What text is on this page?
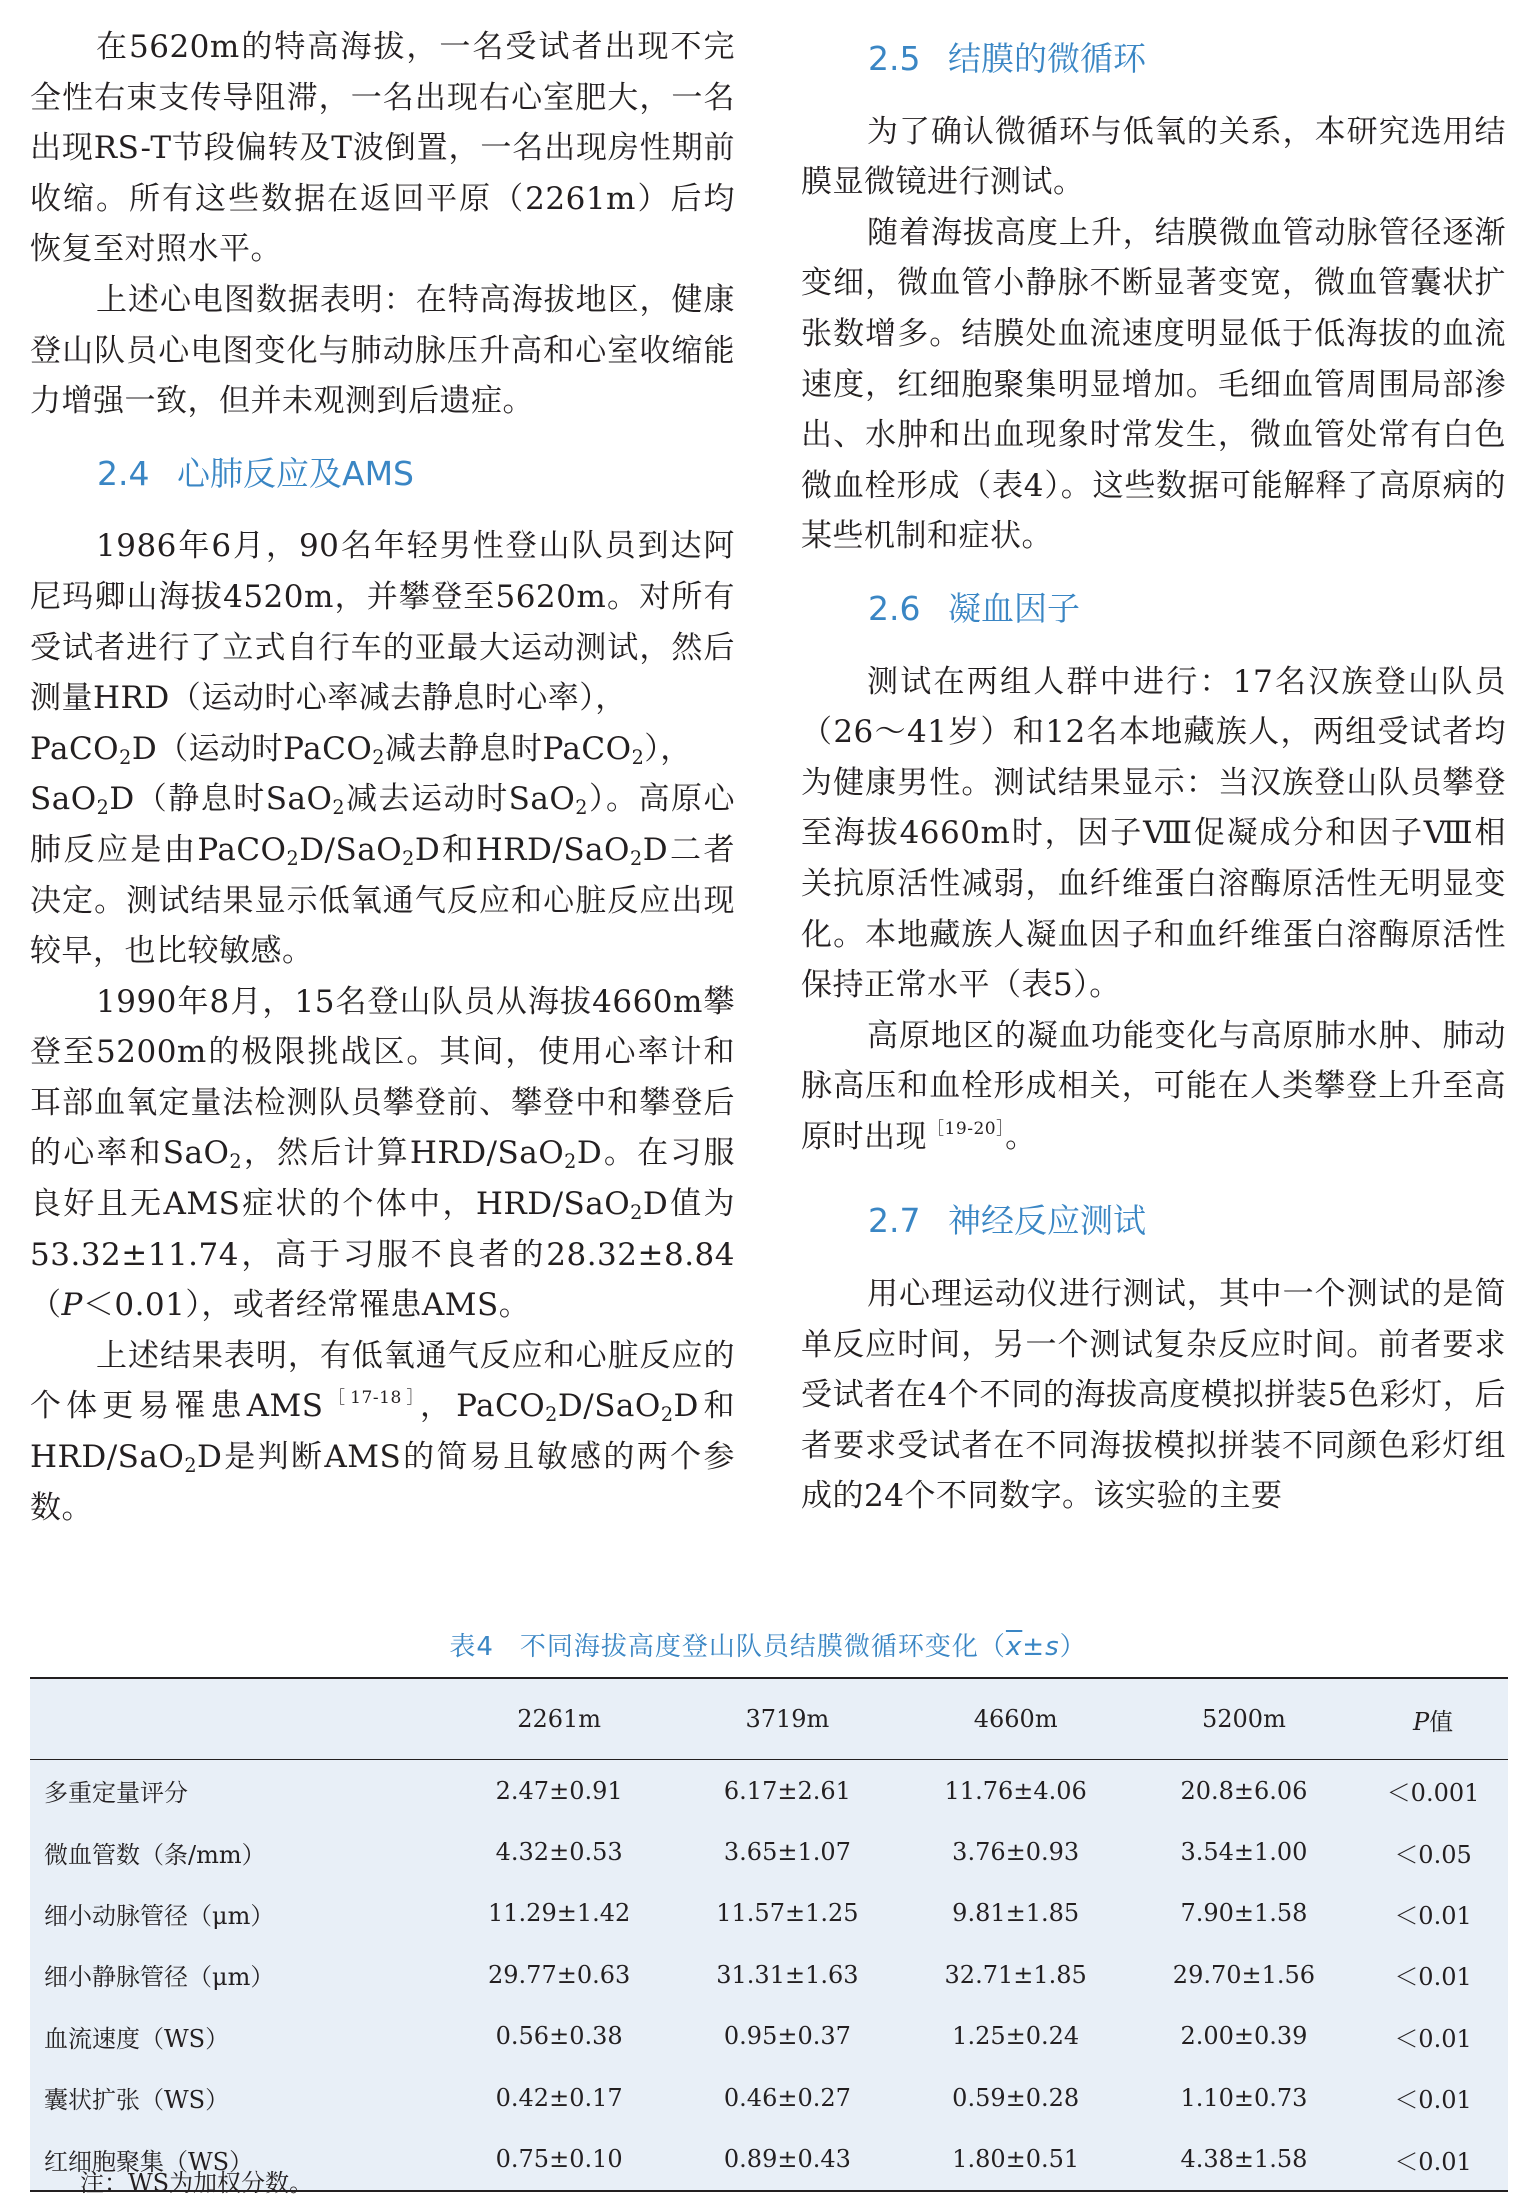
在5620m的特高海拔，一名受试者出现不完全性右束支传导阻滞，一名出现右心室肥大，一名出现RS-T节段偏转及T波倒置，一名出现房性期前收缩。所有这些数据在返回平原（2261m）后均恢复至对照水平。

上述心电图数据表明：在特高海拔地区，健康登山队员心电图变化与肺动脉压升高和心室收缩能力增强一致，但并未观测到后遗症。

2.4 心肺反应及AMS

1986年6月，90名年轻男性登山队员到达阿尼玛卿山海拔4520m，并攀登至5620m。对所有受试者进行了立式自行车的亚最大运动测试，然后测量HRD（运动时心率减去静息时心率），
PaCO$_2$D（运动时PaCO$_2$减去静息时PaCO$_2$），
SaO$_2$D（静息时SaO$_2$减去运动时SaO$_2$）。高原心肺反应是由PaCO$_2$D/SaO$_2$D和HRD/SaO$_2$D二者决定。测试结果显示低氧通气反应和心脏反应出现较早，也比较敏感。

1990年8月，15名登山队员从海拔4660m攀登至5200m的极限挑战区。其间，使用心率计和耳部血氧定量法检测队员攀登前、攀登中和攀登后的心率和SaO$_2$，然后计算HRD/SaO$_2$D。在习服良好且无AMS症状的个体中，HRD/SaO$_2$D值为53.32±11.74，高于习服不良者的28.32±8.84（P＜0.01），或者经常罹患AMS。

上述结果表明，有低氧通气反应和心脏反应的个体更易罹患$AMS^{[17-18]}$，PaCO$_2$D/SaO$_2$D和HRD/SaO$_2$D是判断AMS的简易且敏感的两个参数。

2.5 结膜的微循环

为了确认微循环与低氧的关系，本研究选用结膜显微镜进行测试。

随着海拔高度上升，结膜微血管动脉管径逐渐变细，微血管小静脉不断显著变宽，微血管囊状扩张数增多。结膜处血流速度明显低于低海拔的血流速度，红细胞聚集明显增加。毛细血管周围局部渗出、水肿和出血现象时常发生，微血管处常有白色微血栓形成（表4）。这些数据可能解释了高原病的某些机制和症状。

2.6 凝血因子

测试在两组人群中进行：17名汉族登山队员（26～41岁）和12名本地藏族人，两组受试者均为健康男性。测试结果显示：当汉族登山队员攀登至海拔4660m时，因子Ⅷ促凝成分和因子Ⅷ相关抗原活性减弱，血纤维蛋白溶酶原活性无明显变化。本地藏族人凝血因子和血纤维蛋白溶酶原活性保持正常水平（表5）。

高原地区的凝血功能变化与高原肺水肿、肺动脉高压和血栓形成相关，可能在人类攀登上升至高原时出现$^{[19-20]}$。

2.7 神经反应测试

用心理运动仪进行测试，其中一个测试的是简单反应时间，另一个测试复杂反应时间。前者要求受试者在4个不同的海拔高度模拟拼装5色彩灯，后者要求受试者在不同海拔模拟拼装不同颜色彩灯组成的24个不同数字。该实验的主要

表4 不同海拔高度登山队员结膜微循环变化$(\overline{x}\pm s)$
	2261m	3719m	4660m	5200m	P值
多重定量评分	2.47±0.91	6.17±2.61	11.76±4.06	20.8±6.06	＜0.001
微血管数（条/mm）	4.32±0.53	3.65±1.07	3.76±0.93	3.54±1.00	＜0.05
细小动脉管径（μm）	11.29±1.42	11.57±1.25	9.81±1.85	7.90±1.58	＜0.01
细小静脉管径（μm）	29.77±0.63	31.31±1.63	32.71±1.85	29.70±1.56	＜0.01
血流速度（WS）	0.56±0.38	0.95±0.37	1.25±0.24	2.00±0.39	＜0.01
囊状扩张（WS）	0.42±0.17	0.46±0.27	0.59±0.28	1.10±0.73	＜0.01
红细胞聚集（WS）	0.75±0.10	0.89±0.43	1.80±0.51	4.38±1.58	＜0.01
注：WS为加权分数。
